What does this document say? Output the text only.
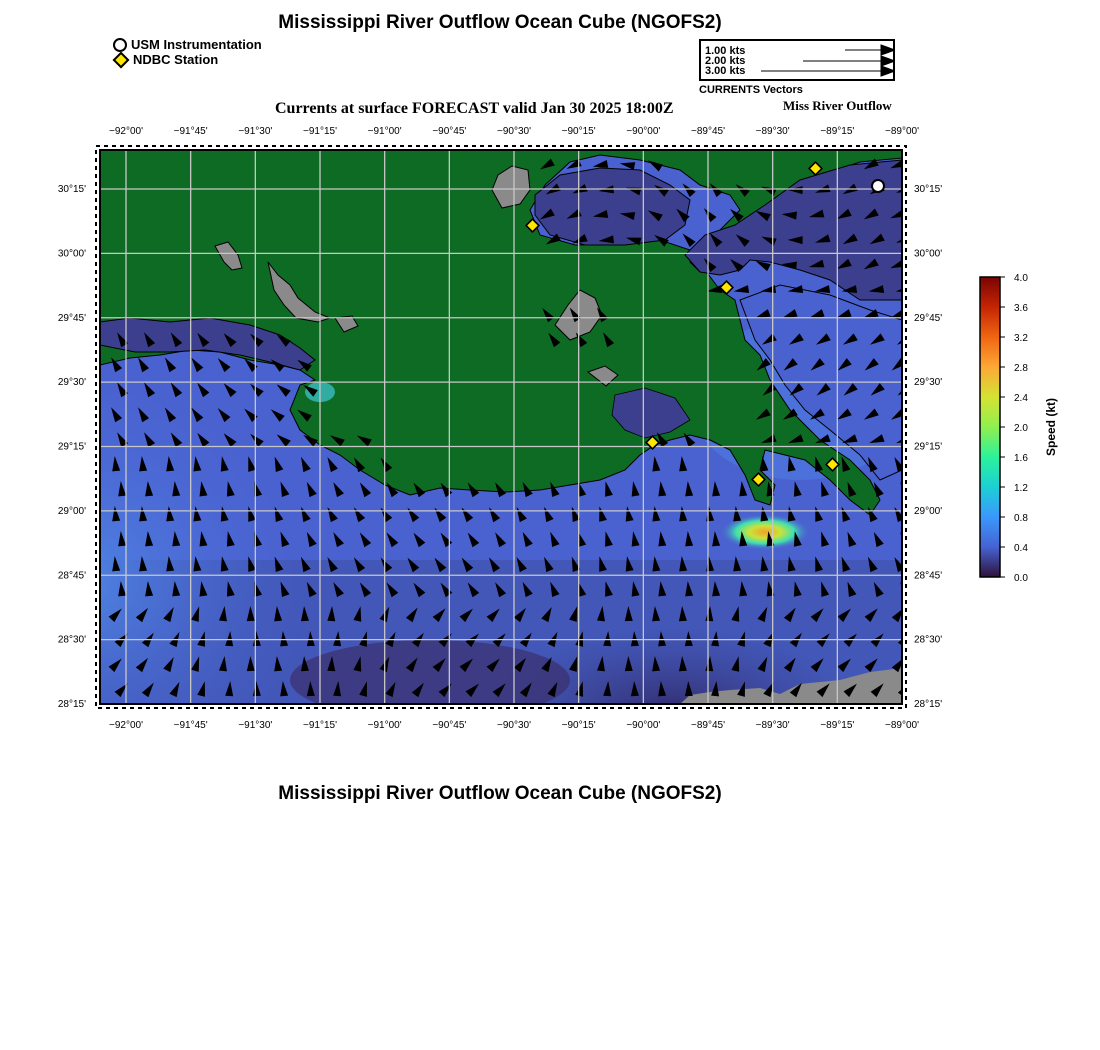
Mississippi River Outflow Ocean Cube (NGOFS2)
USM Instrumentation
NDBC Station
1.00 kts
2.00 kts
3.00 kts
CURRENTS Vectors
Currents at surface FORECAST valid Jan 30 2025 18:00Z	Miss River Outflow
−92°00'	−91°45'	−91°30'	−91°15'	−91°00'	−90°45'	−90°30'	−90°15'	−90°00'	−89°45'	−89°30'	−89°15'	−89°00'
−92°00'	−91°45'	−91°30'	−91°15'	−91°00'	−90°45'	−90°30'	−90°15'	−90°00'	−89°45'	−89°30'	−89°15'	−89°00'
30°15'
30°00'
29°45'
29°30'
29°15'
29°00'
28°45'
28°30'
28°15'
30°15'
30°00'
29°45'
29°30'
29°15'
29°00'
28°45'
28°30'
28°15'
4.0
3.6
3.2
2.8
2.4
2.0
1.6
1.2
0.8
0.4
0.0
Speed (kt)
Mississippi River Outflow Ocean Cube (NGOFS2)
